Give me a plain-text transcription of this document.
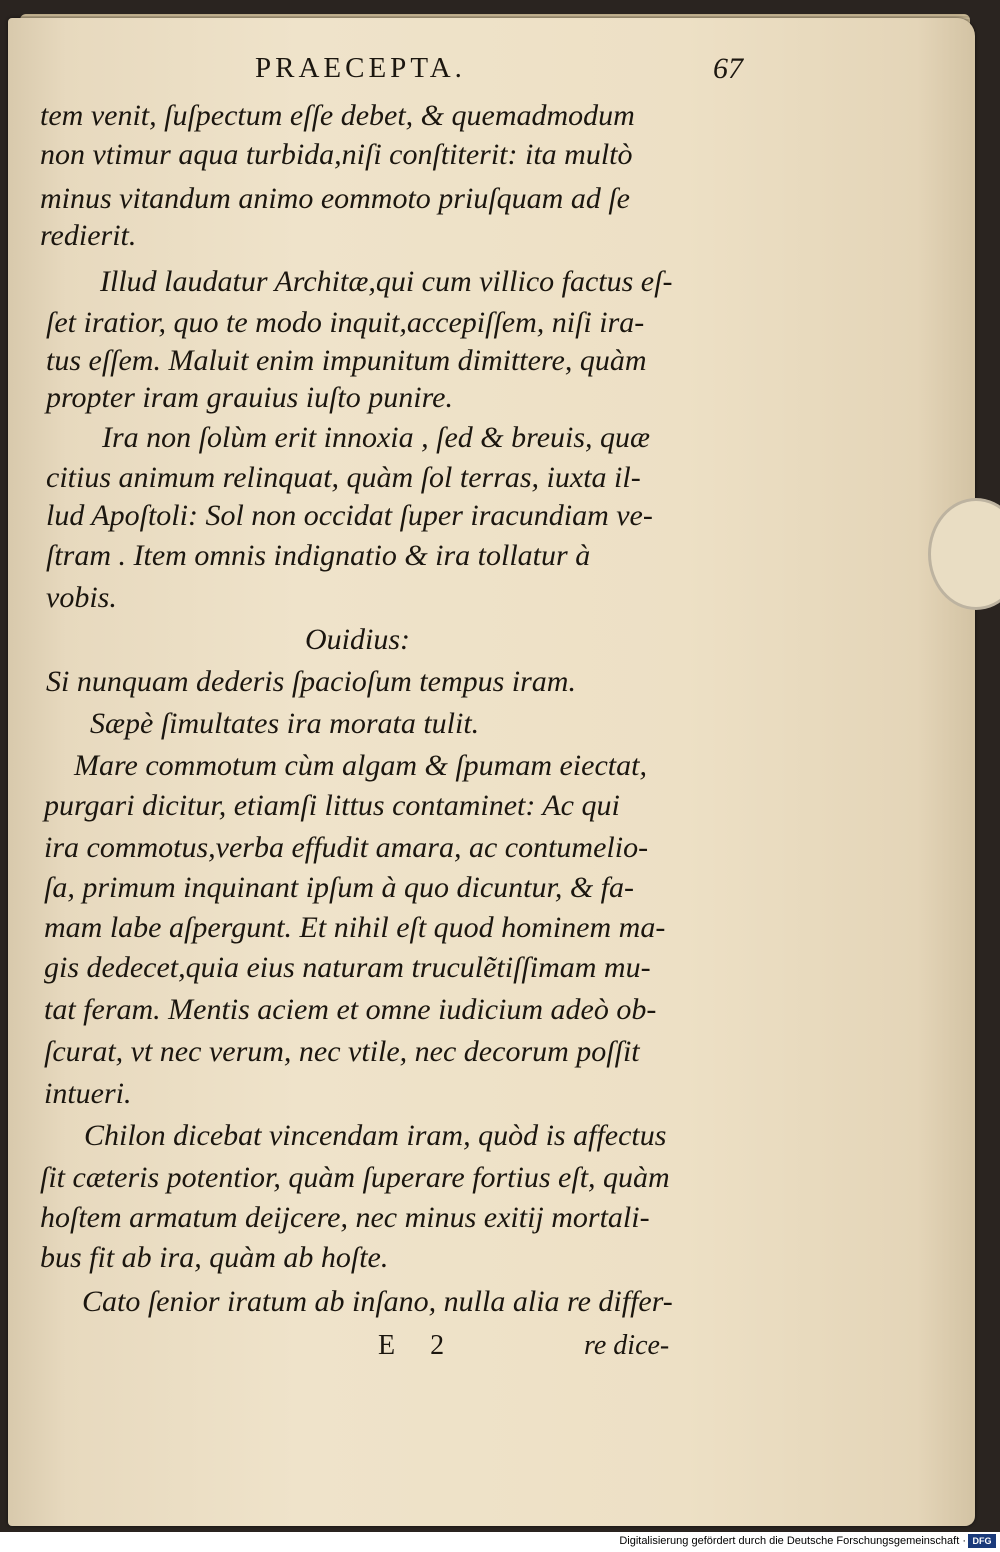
PRAECEPTA.	67
tem venit, ſuſpectum eſſe debet, & quemadmodum
non vtimur aqua turbida,niſi conſtiterit: ita multò
minus vitandum animo eommoto priuſquam ad ſe
redierit.
Illud laudatur Architæ,qui cum villico factus eſ-
ſet iratior, quo te modo inquit,accepiſſem, niſi ira-
tus eſſem. Maluit enim impunitum dimittere, quàm
propter iram grauius iuſto punire.
Ira non ſolùm erit innoxia , ſed & breuis, quæ
citius animum relinquat, quàm ſol terras, iuxta il-
lud Apoſtoli: Sol non occidat ſuper iracundiam ve-
ſtram . Item omnis indignatio & ira tollatur à
vobis.
Ouidius:
Si nunquam dederis ſpacioſum tempus iram.
Sæpè ſimultates ira morata tulit.
Mare commotum cùm algam & ſpumam eiectat,
purgari dicitur, etiamſi littus contaminet: Ac qui
ira commotus,verba effudit amara, ac contumelio-
ſa, primum inquinant ipſum à quo dicuntur, & fa-
mam labe aſpergunt. Et nihil eſt quod hominem ma-
gis dedecet,quia eius naturam truculẽtiſſimam mu-
tat feram. Mentis aciem et omne iudicium adeò ob-
ſcurat, vt nec verum, nec vtile, nec decorum poſſit
intueri.
Chilon dicebat vincendam iram, quòd is affectus
ſit cæteris potentior, quàm ſuperare fortius eſt, quàm
hoſtem armatum deijcere, nec minus exitij mortali-
bus fit ab ira, quàm ab hoſte.
Cato ſenior iratum ab inſano, nulla alia re differ-
E 2	re dice-
Digitalisierung gefördert durch die Deutsche Forschungsgemeinschaft · DFG
